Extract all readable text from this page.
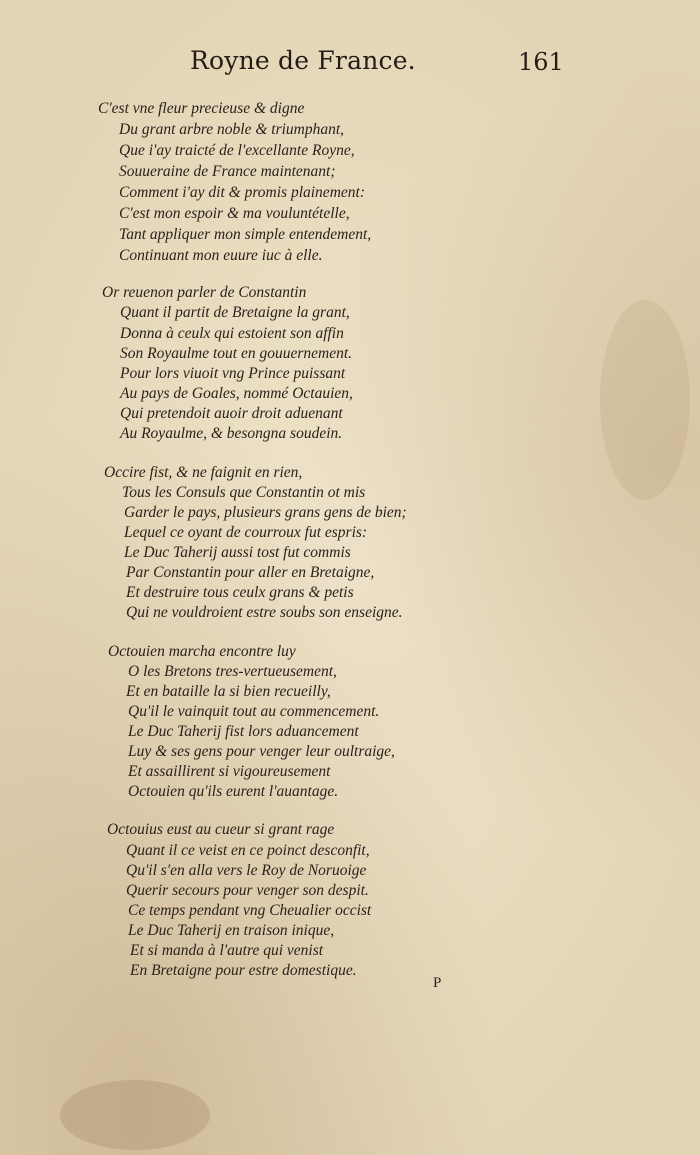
Royne de France.	161
C'est vne fleur precieuse & digne
Du grant arbre noble & triumphant,
Que i'ay traicté de l'excellante Royne,
Souueraine de France maintenant;
Comment i'ay dit & promis plainement:
C'est mon espoir & ma vouluntételle,
Tant appliquer mon simple entendement,
Continuant mon euure iuc à elle.
Or reuenon parler de Constantin
Quant il partit de Bretaigne la grant,
Donna à ceulx qui estoient son affin
Son Royaulme tout en gouuernement.
Pour lors viuoit vng Prince puissant
Au pays de Goales, nommé Octauien,
Qui pretendoit auoir droit aduenant
Au Royaulme, & besongna soudein.
Occire fist, & ne faignit en rien,
Tous les Consuls que Constantin ot mis
Garder le pays, plusieurs grans gens de bien;
Lequel ce oyant de courroux fut espris:
Le Duc Taherij aussi tost fut commis
Par Constantin pour aller en Bretaigne,
Et destruire tous ceulx grans & petis
Qui ne vouldroient estre soubs son enseigne.
Octouien marcha encontre luy
O les Bretons tres-vertueusement,
Et en bataille la si bien recueilly,
Qu'il le vainquit tout au commencement.
Le Duc Taherij fist lors aduancement
Luy & ses gens pour venger leur oultraige,
Et assaillirent si vigoureusement
Octouien qu'ils eurent l'auantage.
Octouius eust au cueur si grant rage
Quant il ce veist en ce poinct desconfit,
Qu'il s'en alla vers le Roy de Noruoige
Querir secours pour venger son despit.
Ce temps pendant vng Cheualier occist
Le Duc Taherij en traison inique,
Et si manda à l'autre qui venist
En Bretaigne pour estre domestique.
P
